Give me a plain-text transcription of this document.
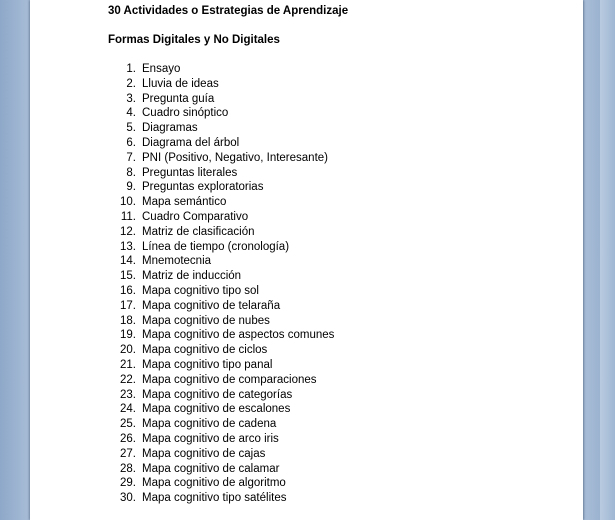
30 Actividades o Estrategias de Aprendizaje

Formas Digitales y No Digitales

1. Ensayo
2. Lluvia de ideas
3. Pregunta guía
4. Cuadro sinóptico
5. Diagramas
6. Diagrama del árbol
7. PNI (Positivo, Negativo, Interesante)
8. Preguntas literales
9. Preguntas exploratorias
10. Mapa semántico
11. Cuadro Comparativo
12. Matriz de clasificación
13. Línea de tiempo (cronología)
14. Mnemotecnia
15. Matriz de inducción
16. Mapa cognitivo tipo sol
17. Mapa cognitivo de telaraña
18. Mapa cognitivo de nubes
19. Mapa cognitivo de aspectos comunes
20. Mapa cognitivo de ciclos
21. Mapa cognitivo tipo panal
22. Mapa cognitivo de comparaciones
23. Mapa cognitivo de categorías
24. Mapa cognitivo de escalones
25. Mapa cognitivo de cadena
26. Mapa cognitivo de arco iris
27. Mapa cognitivo de cajas
28. Mapa cognitivo de calamar
29. Mapa cognitivo de algoritmo
30. Mapa cognitivo tipo satélites
